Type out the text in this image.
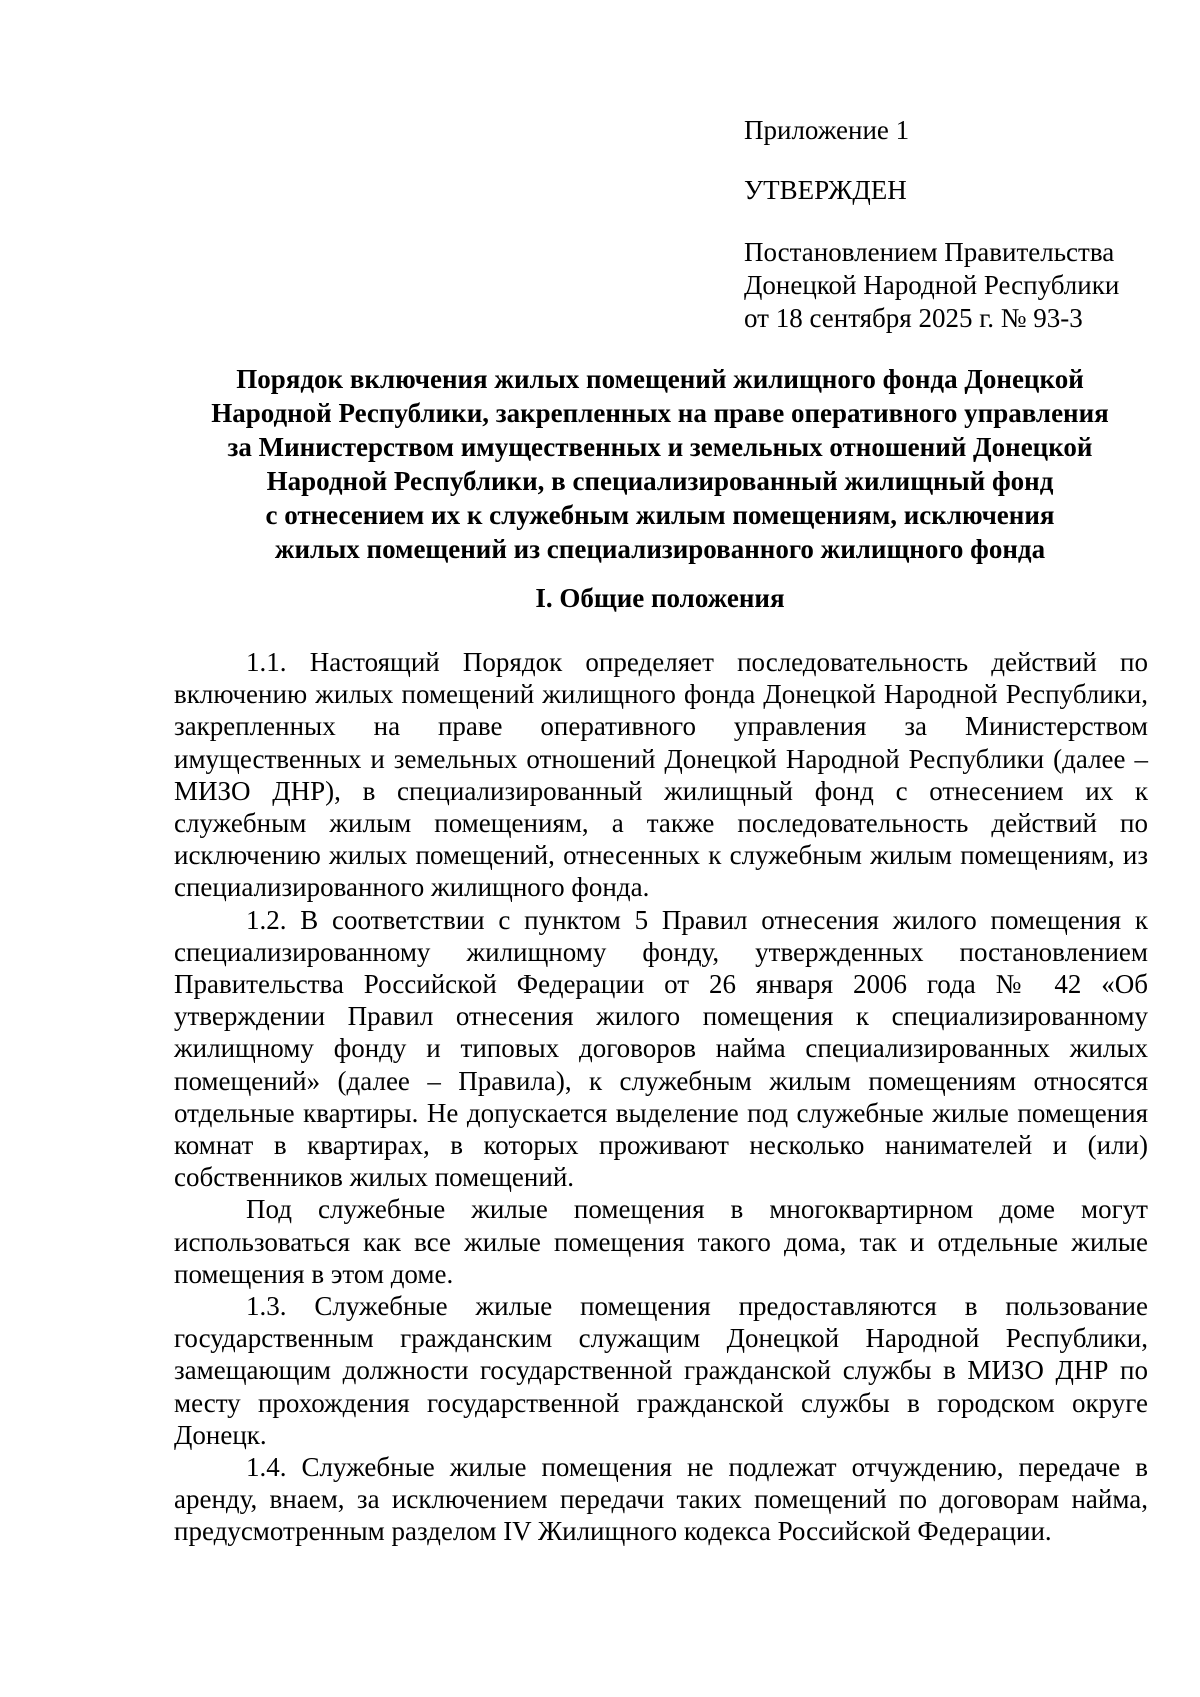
Приложение 1
УТВЕРЖДЕН
Постановлением Правительства
Донецкой Народной Республики
от 18 сентября 2025 г. № 93-3
Порядок включения жилых помещений жилищного фонда Донецкой
Народной Республики, закрепленных на праве оперативного управления
за Министерством имущественных и земельных отношений Донецкой
Народной Республики, в специализированный жилищный фонд
с отнесением их к служебным жилым помещениям, исключения
жилых помещений из специализированного жилищного фонда
I. Общие положения

1.1. Настоящий Порядок определяет последовательность действий по включению жилых помещений жилищного фонда Донецкой Народной Республики, закрепленных на праве оперативного управления за Министерством имущественных и земельных отношений Донецкой Народной Республики (далее – МИЗО ДНР), в специализированный жилищный фонд с отнесением их к служебным жилым помещениям, а также последовательность действий по исключению жилых помещений, отнесенных к служебным жилым помещениям, из специализированного жилищного фонда.

1.2. В соответствии с пунктом 5 Правил отнесения жилого помещения к специализированному жилищному фонду, утвержденных постановлением Правительства Российской Федерации от 26 января 2006 года № 42 «Об утверждении Правил отнесения жилого помещения к специализированному жилищному фонду и типовых договоров найма специализированных жилых помещений» (далее – Правила), к служебным жилым помещениям относятся отдельные квартиры. Не допускается выделение под служебные жилые помещения комнат в квартирах, в которых проживают несколько нанимателей и (или) собственников жилых помещений.

Под служебные жилые помещения в многоквартирном доме могут использоваться как все жилые помещения такого дома, так и отдельные жилые помещения в этом доме.

1.3. Служебные жилые помещения предоставляются в пользование государственным гражданским служащим Донецкой Народной Республики, замещающим должности государственной гражданской службы в МИЗО ДНР по месту прохождения государственной гражданской службы в городском округе Донецк.

1.4. Служебные жилые помещения не подлежат отчуждению, передаче в аренду, внаем, за исключением передачи таких помещений по договорам найма, предусмотренным разделом IV Жилищного кодекса Российской Федерации.
